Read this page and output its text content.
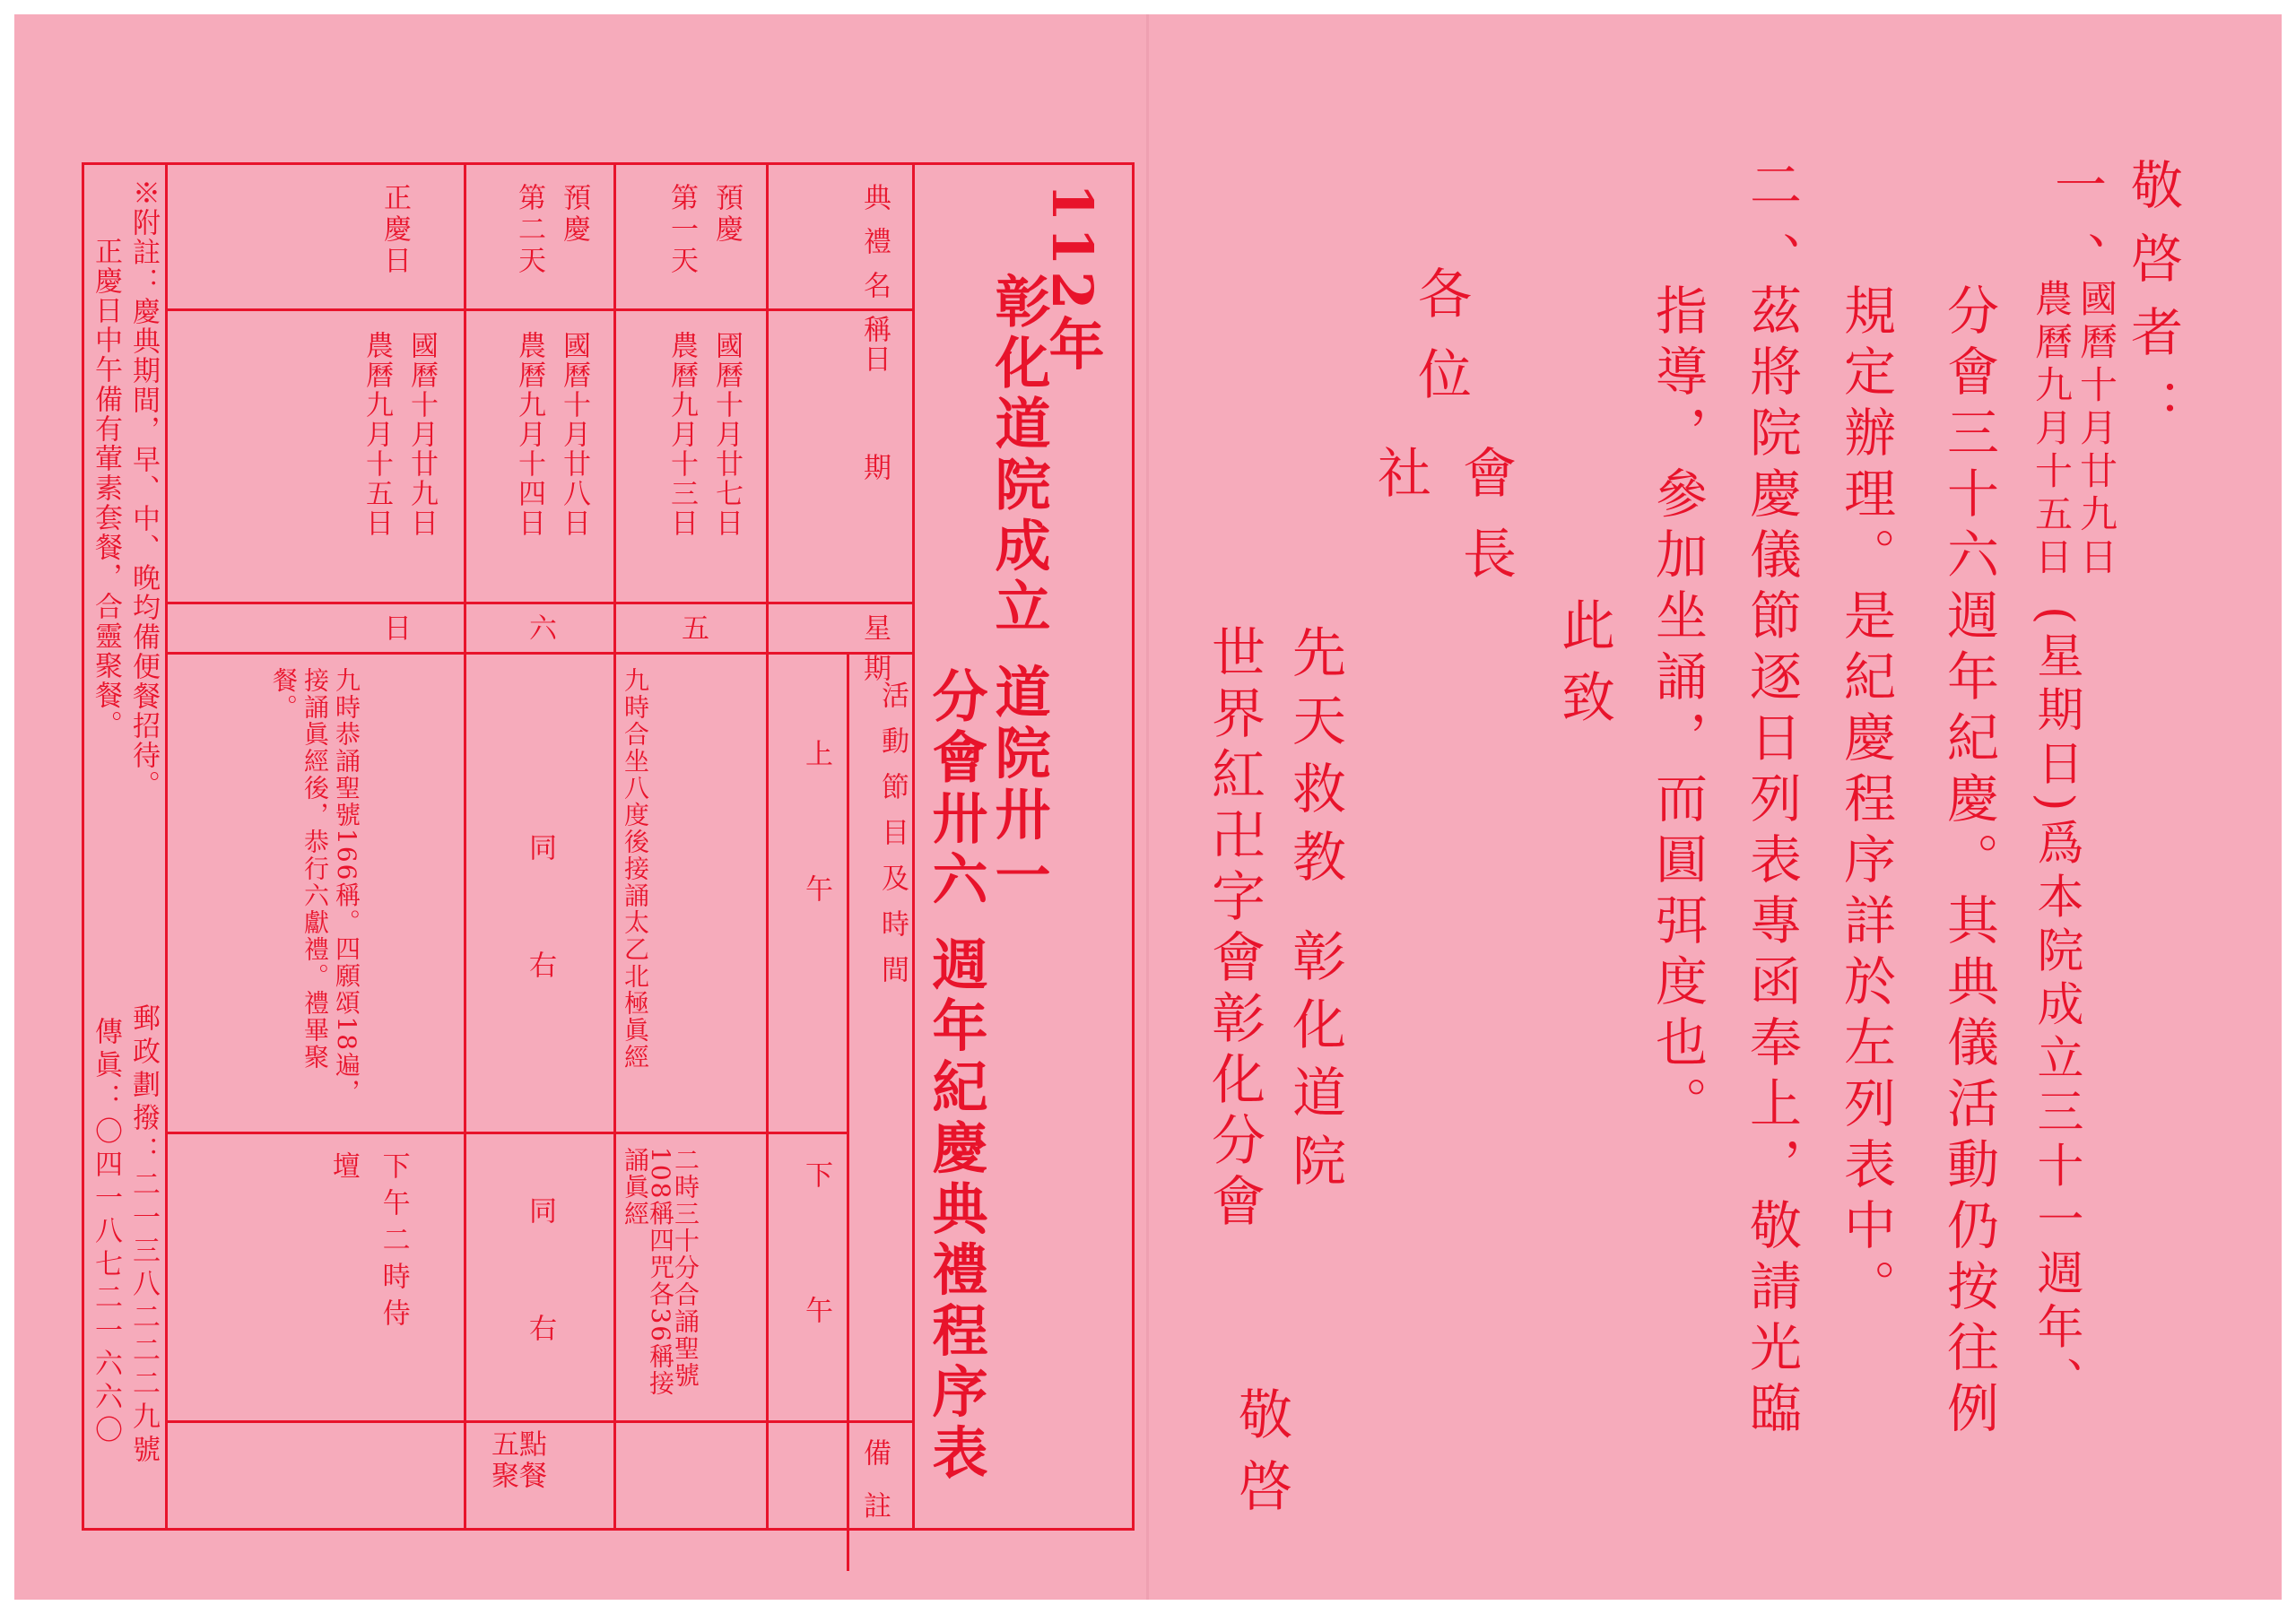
112年
彰化道院成立 道院卅一
分會卅六 週年紀慶典禮程序表
典禮名稱
日期
星期
活動節目及時間
備註
上午
下午
預慶
第一天
國曆十月廿七日
農曆九月十三日
五
九時合坐八度後接誦太乙北極眞經
二時三十分合誦聖號108稱四咒各36稱接誦眞經
預慶
第二天
國曆十月廿八日
農曆九月十四日
六
同右
同右
點餐五聚
正慶日
國曆十月廿九日
農曆九月十五日
日
九時恭誦聖號166稱。四願頌18遍，接誦眞經後，恭行六獻禮。禮畢聚餐。
下午二時侍壇
※附註：慶典期間，早、中、晚均備便餐招待。
正慶日中午備有葷素套餐，合靈聚餐。
郵政劃撥：二一三八二二二九號
傳眞：〇四一八七二一六六〇
敬啓者：
一、
國曆十月廿九日
農曆九月十五日
(星期日)爲本院成立三十一週年、
分會三十六週年紀慶。其典儀活動仍按往例
規定辦理。是紀慶程序詳於左列表中。
二、
茲將院慶儀節逐日列表專函奉上，敬請光臨
指導，參加坐誦，而圓弭度也。
此致
各位
會長
社
先天救教 彰化道院
世界紅卍字會彰化分會
敬啓
